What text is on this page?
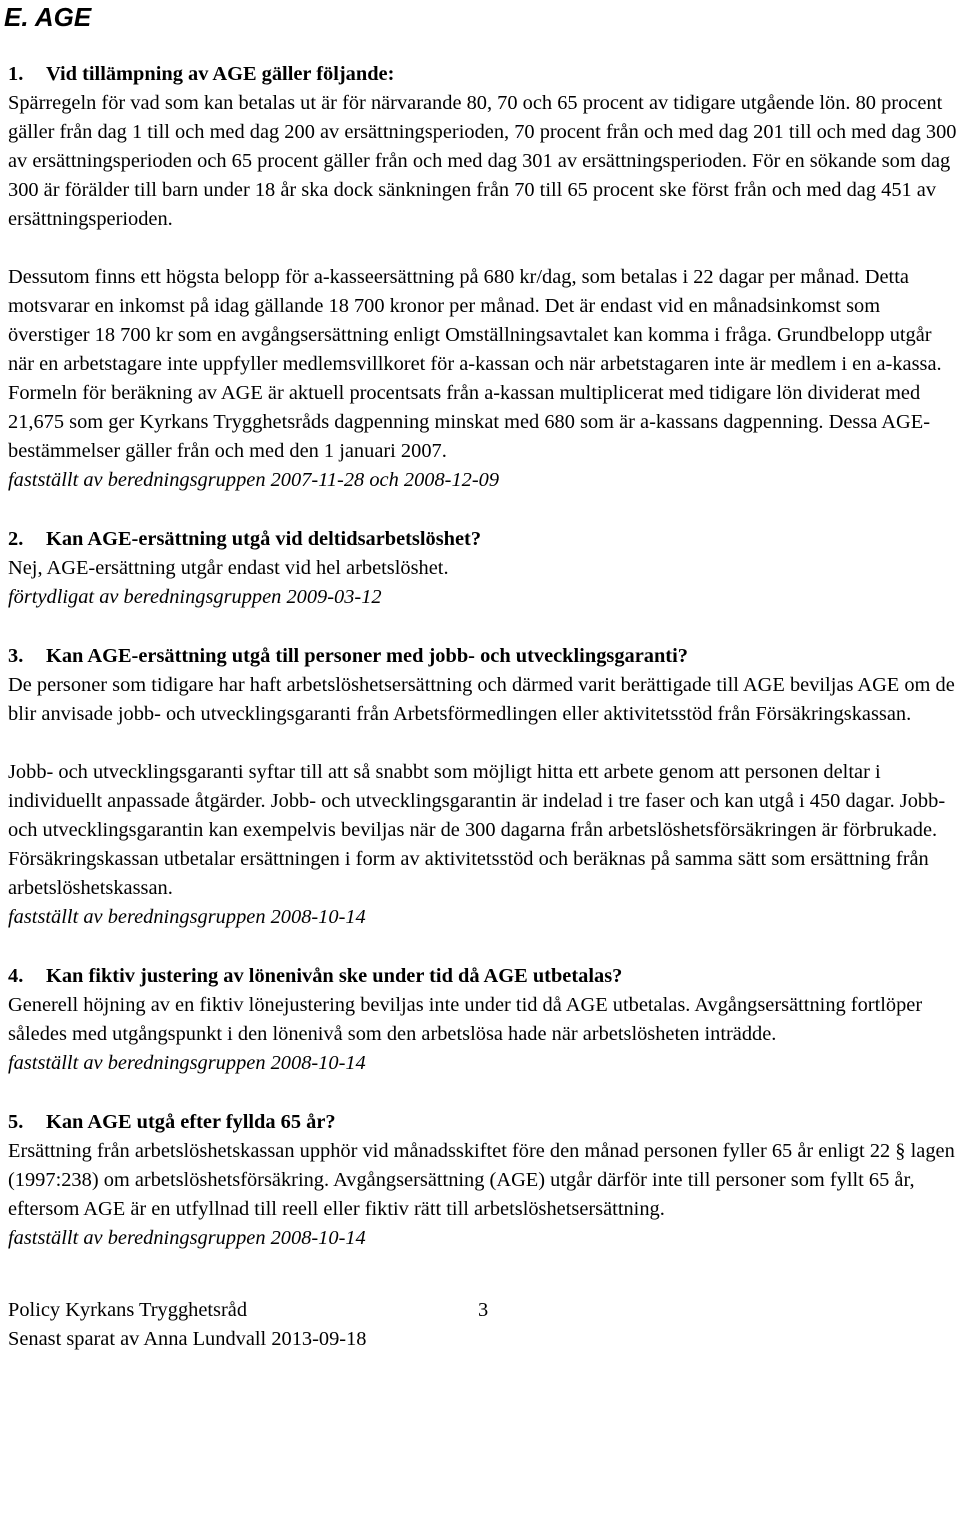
E. AGE
1.	Vid tillämpning av AGE gäller följande:

Spärregeln för vad som kan betalas ut är för närvarande 80, 70 och 65 procent av tidigare utgående lön. 80 procent gäller från dag 1 till och med dag 200 av ersättningsperioden, 70 procent från och med dag 201 till och med dag 300 av ersättningsperioden och 65 procent gäller från och med dag 301 av ersättningsperioden. För en sökande som dag 300 är förälder till barn under 18 år ska dock sänkningen från 70 till 65 procent ske först från och med dag 451 av ersättningsperioden.

Dessutom finns ett högsta belopp för a-kasseersättning på 680 kr/dag, som betalas i 22 dagar per månad. Detta motsvarar en inkomst på idag gällande 18 700 kronor per månad. Det är endast vid en månadsinkomst som överstiger 18 700 kr som en avgångsersättning enligt Omställningsavtalet kan komma i fråga. Grundbelopp utgår när en arbetstagare inte uppfyller medlemsvillkoret för a-kassan och när arbetstagaren inte är medlem i en a-kassa.

Formeln för beräkning av AGE är aktuell procentsats från a-kassan multiplicerat med tidigare lön dividerat med 21,675 som ger Kyrkans Trygghetsråds dagpenning minskat med 680 som är a-kassans dagpenning. Dessa AGE-bestämmelser gäller från och med den 1 januari 2007.

fastställt av beredningsgruppen 2007-11-28 och 2008-12-09

2.	Kan AGE-ersättning utgå vid deltidsarbetslöshet?

Nej, AGE-ersättning utgår endast vid hel arbetslöshet.

förtydligat av beredningsgruppen 2009-03-12

3.	Kan AGE-ersättning utgå till personer med jobb- och utvecklingsgaranti?

De personer som tidigare har haft arbetslöshetsersättning och därmed varit berättigade till AGE beviljas AGE om de blir anvisade jobb- och utvecklingsgaranti från Arbetsförmedlingen eller aktivitetsstöd från Försäkringskassan.

Jobb- och utvecklingsgaranti syftar till att så snabbt som möjligt hitta ett arbete genom att personen deltar i individuellt anpassade åtgärder. Jobb- och utvecklingsgarantin är indelad i tre faser och kan utgå i 450 dagar. Jobb- och utvecklingsgarantin kan exempelvis beviljas när de 300 dagarna från arbetslöshetsförsäkringen är förbrukade. Försäkringskassan utbetalar ersättningen i form av aktivitetsstöd och beräknas på samma sätt som ersättning från arbetslöshetskassan.

fastställt av beredningsgruppen 2008-10-14

4.	Kan fiktiv justering av lönenivån ske under tid då AGE utbetalas?

Generell höjning av en fiktiv lönejustering beviljas inte under tid då AGE utbetalas. Avgångsersättning fortlöper således med utgångspunkt i den lönenivå som den arbetslösa hade när arbetslösheten inträdde.

fastställt av beredningsgruppen 2008-10-14

5.	Kan AGE utgå efter fyllda 65 år?

Ersättning från arbetslöshetskassan upphör vid månadsskiftet före den månad personen fyller 65 år enligt 22 § lagen (1997:238) om arbetslöshetsförsäkring. Avgångsersättning (AGE) utgår därför inte till personer som fyllt 65 år, eftersom AGE är en utfyllnad till reell eller fiktiv rätt till arbetslöshetsersättning.

fastställt av beredningsgruppen 2008-10-14

Policy Kyrkans Trygghetsråd	3
Senast sparat av Anna Lundvall 2013-09-18
